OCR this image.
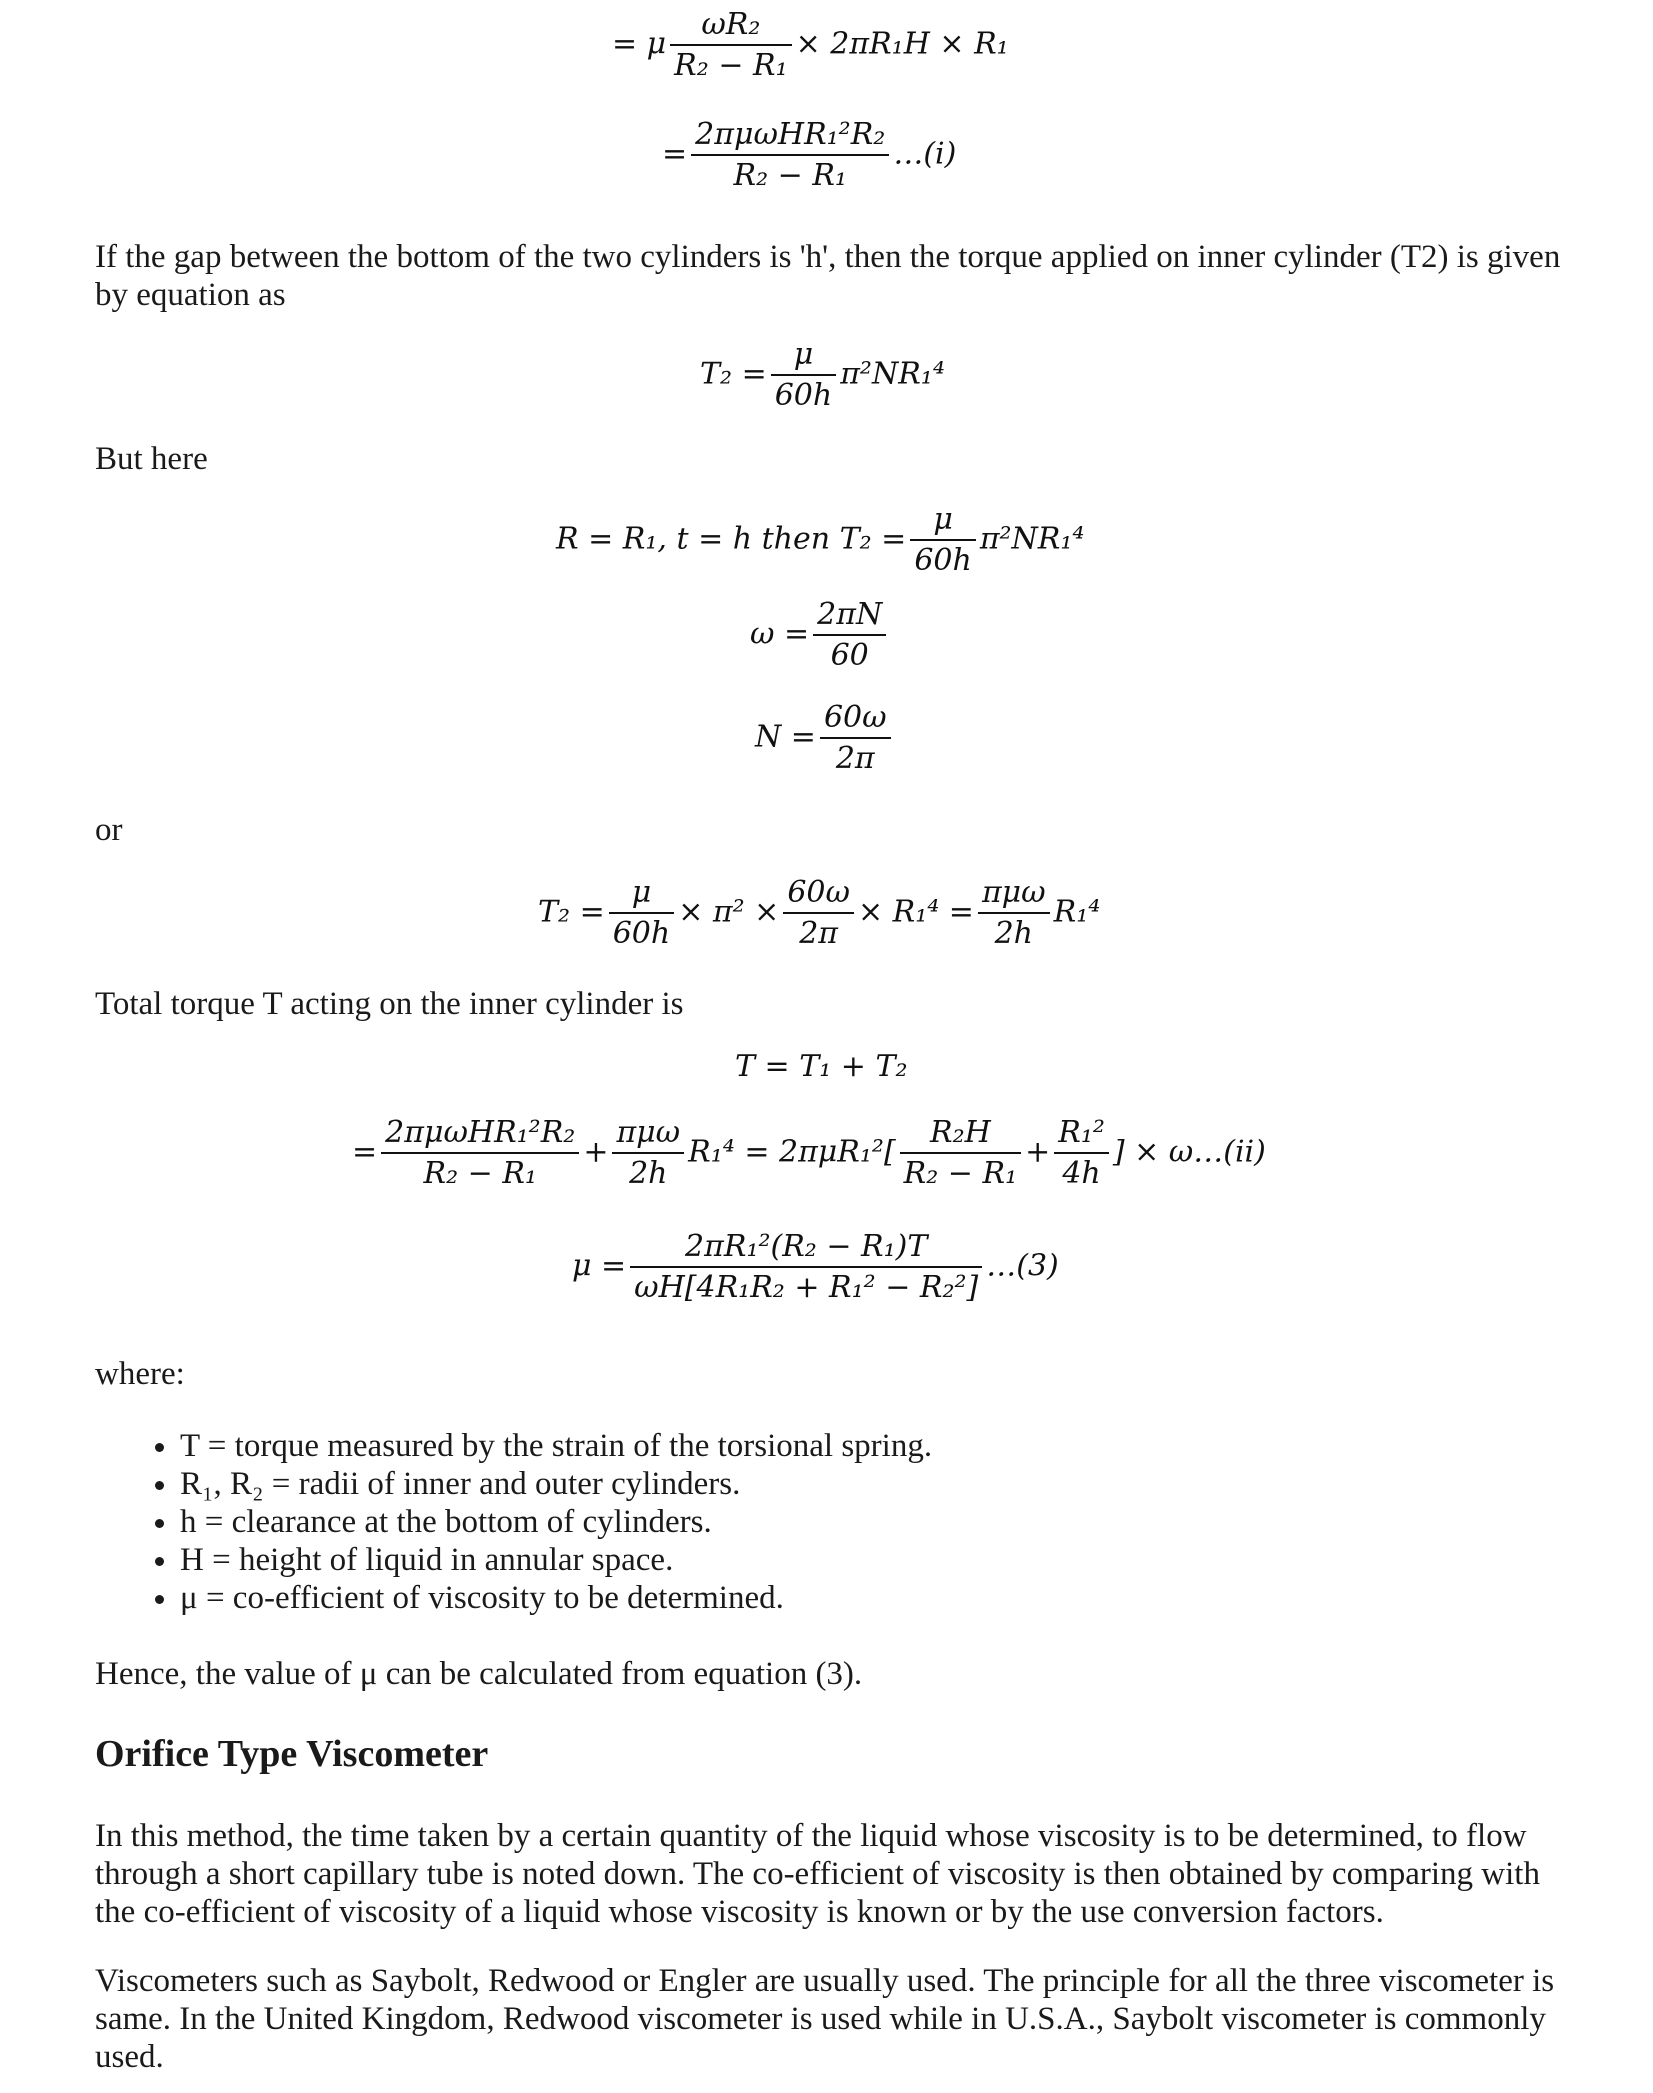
= μ $\frac{\text{ωR₂}}{\text{R₂ − R₁}} \times 2\pi R_1H \times R_1$
= $\frac{\text{2πμωHR₁²R₂}}{\text{R₂ − R₁}}$ …(i)

If the gap between the bottom of the two cylinders is 'h', then the torque applied on inner cylinder (T2) is given by equation as

$T_2 = \frac{\mu}{60h} \pi^2NR_1^4$
But here
R = R₁, t = h then $T_2 = \frac{\mu}{60h} \pi^2NR_1^4$
$\omega = \frac{2\pi N}{60}$
$N = \frac{60\omega}{2\pi}$
or
$T_2 = \frac{\mu}{60h} \times \pi^2 \times \frac{60\omega}{2\pi} \times R_1^4 = \frac{\text{πμω}}{2h} R_1^4$
Total torque T acting on the inner cylinder is
T = T₁ + T₂
= $\frac{\text{2πμωHR₁²R₂}}{\text{R₂ − R₁}} + \frac{\text{πμω}}{2h} R_1^4 = 2\pi\mu R_1^2[ \frac{\text{R₂H}}{\text{R₂ − R₁}} + \frac{\text{R₁²}}{4h}$ ] × ω…(ii)
$\mu = \frac{\text{2πR₁²(R₂ − R₁)T}}{\text{ωH[4R₁R₂ + R₁² − R₂²]}}$ …(3)
where:
• T = torque measured by the strain of the torsional spring.
• R₁, R₂ = radii of inner and outer cylinders.
• h = clearance at the bottom of cylinders.
• H = height of liquid in annular space.
• μ = co-efficient of viscosity to be determined.
Hence, the value of μ can be calculated from equation (3).
Orifice Type Viscometer

In this method, the time taken by a certain quantity of the liquid whose viscosity is to be determined, to flow through a short capillary tube is noted down. The co-efficient of viscosity is then obtained by comparing with the co-efficient of viscosity of a liquid whose viscosity is known or by the use conversion factors.

Viscometers such as Saybolt, Redwood or Engler are usually used. The principle for all the three viscometer is same. In the United Kingdom, Redwood viscometer is used while in U.S.A., Saybolt viscometer is commonly used.
